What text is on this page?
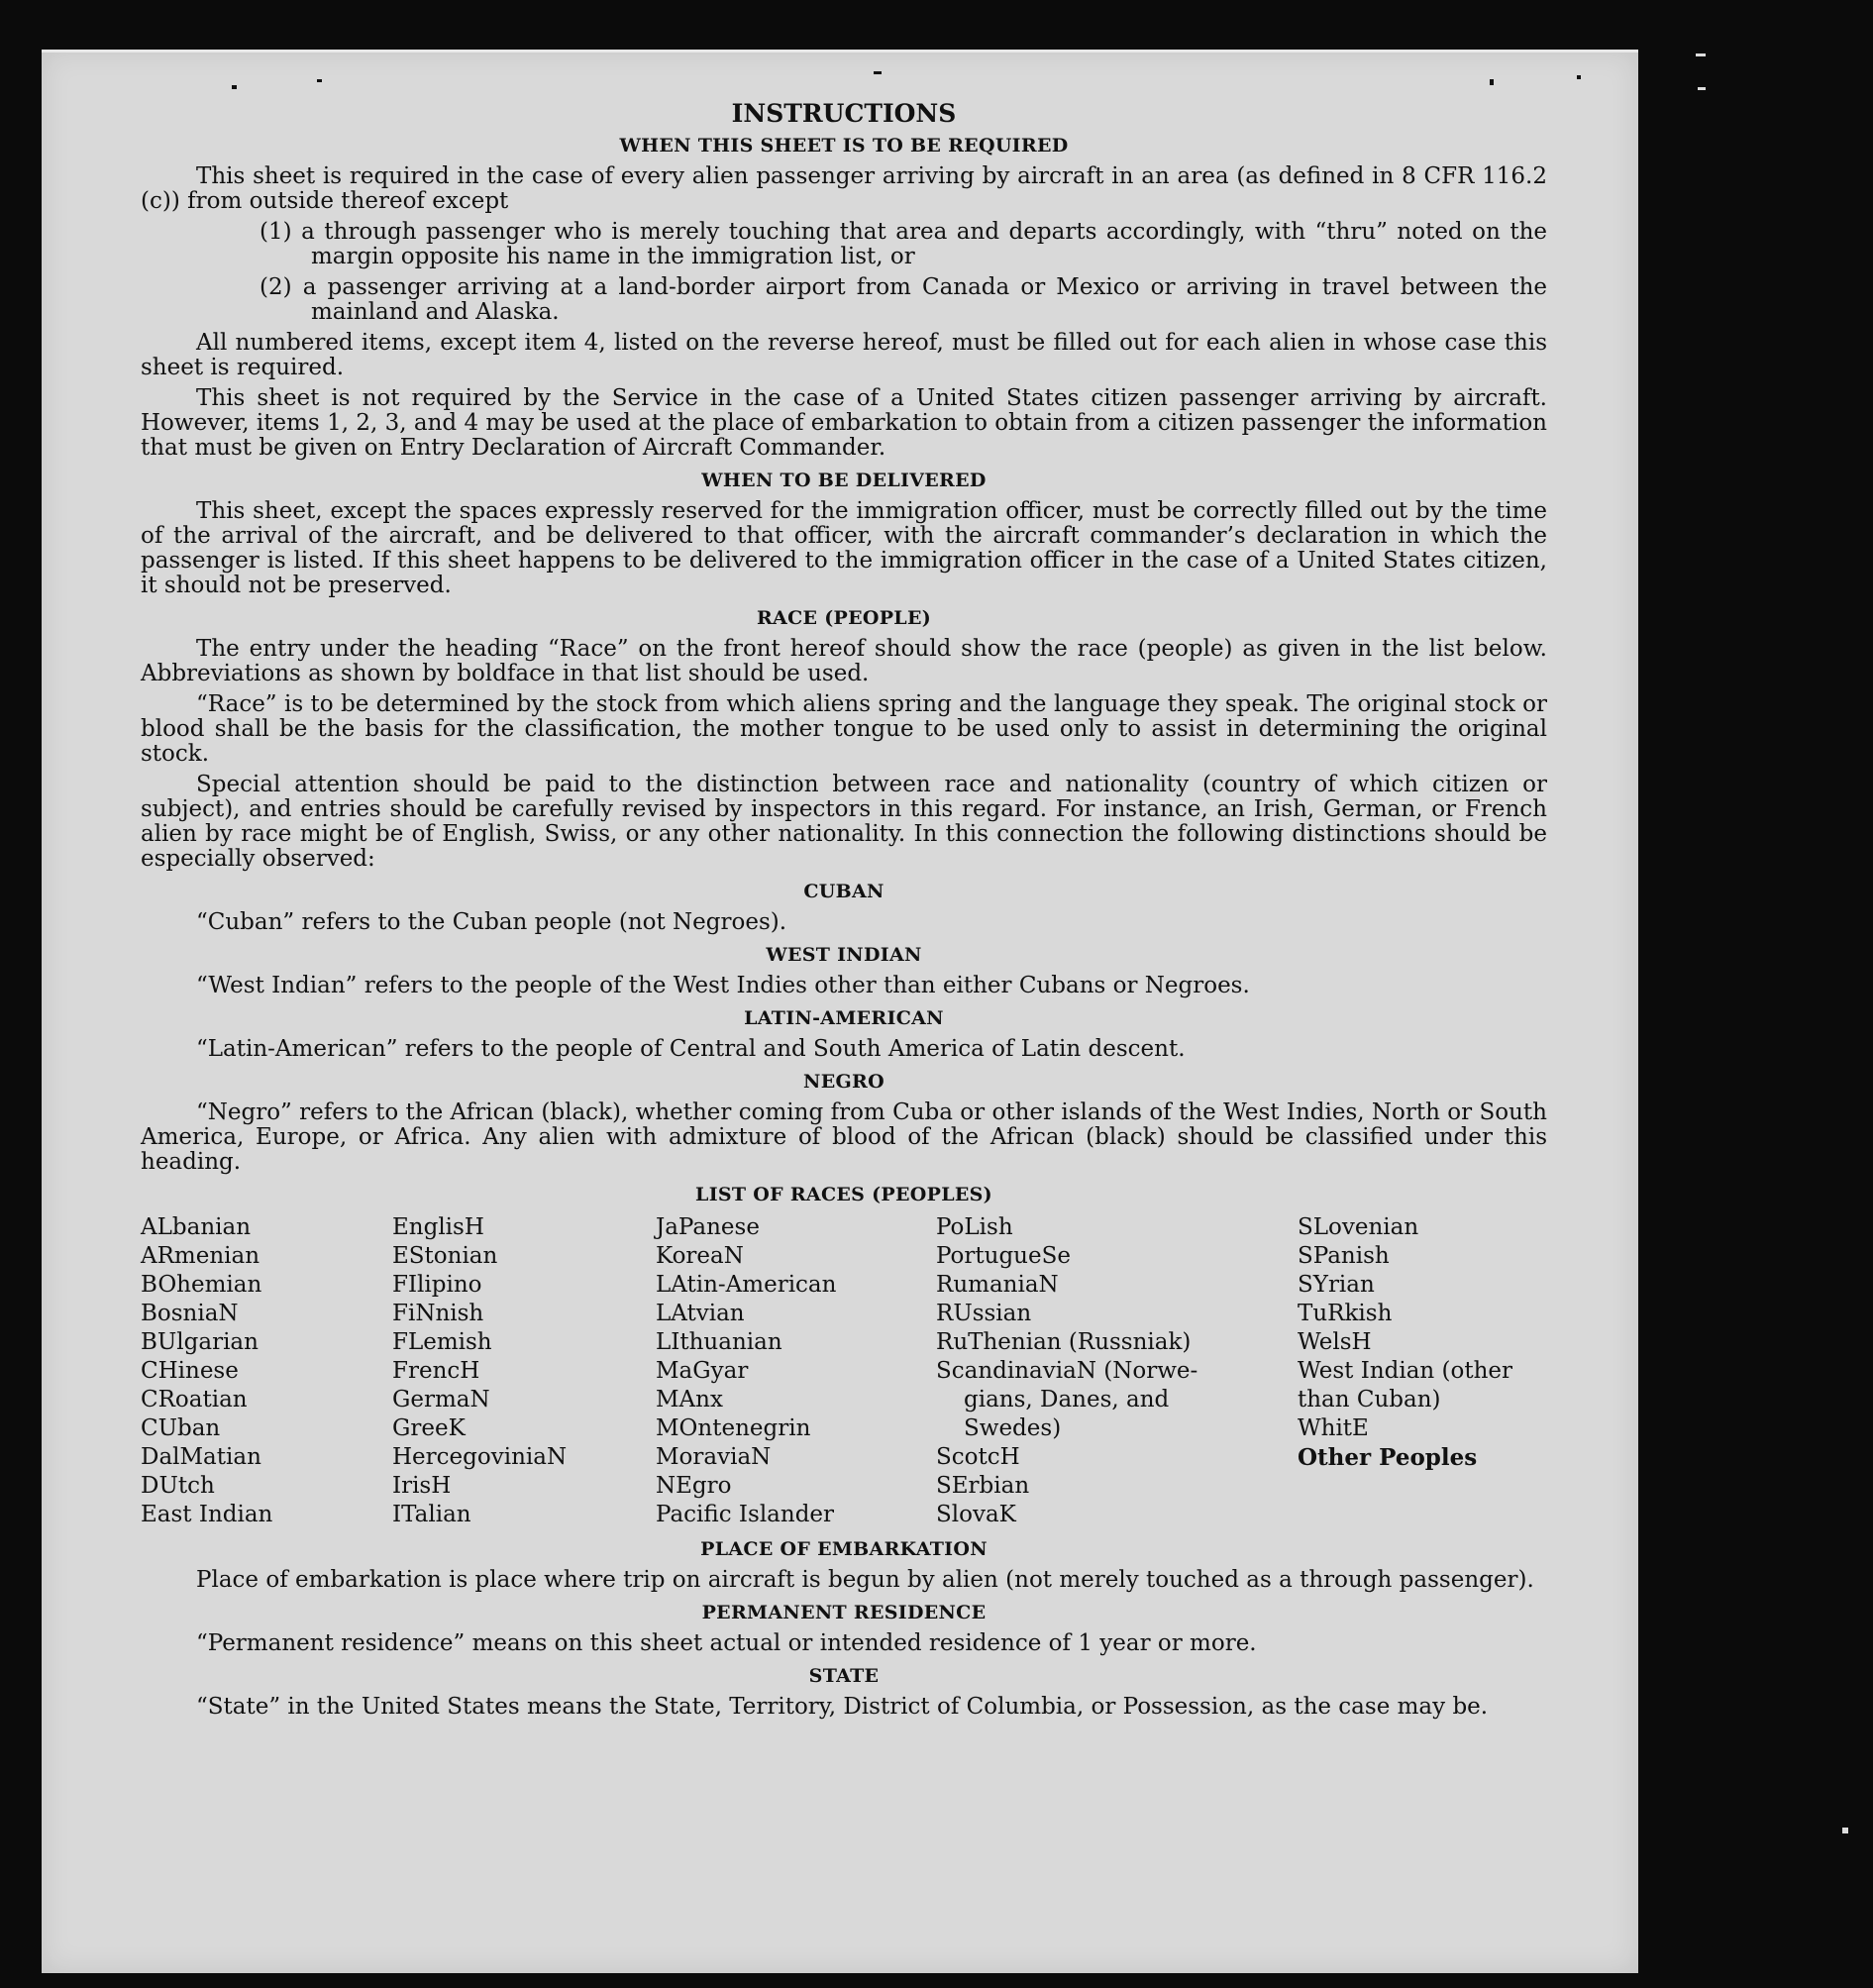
INSTRUCTIONS
WHEN THIS SHEET IS TO BE REQUIRED

This sheet is required in the case of every alien passenger arriving by aircraft in an area (as defined in 8 CFR 116.2 (c)) from outside thereof except

(1) a through passenger who is merely touching that area and departs accordingly, with “thru” noted on the margin opposite his name in the immigration list, or
(2) a passenger arriving at a land-border airport from Canada or Mexico or arriving in travel between the mainland and Alaska.

All numbered items, except item 4, listed on the reverse hereof, must be filled out for each alien in whose case this sheet is required.

This sheet is not required by the Service in the case of a United States citizen passenger arriving by aircraft. However, items 1, 2, 3, and 4 may be used at the place of embarkation to obtain from a citizen passenger the information that must be given on Entry Declaration of Aircraft Commander.

WHEN TO BE DELIVERED

This sheet, except the spaces expressly reserved for the immigration officer, must be correctly filled out by the time of the arrival of the aircraft, and be delivered to that officer, with the aircraft commander’s declaration in which the passenger is listed. If this sheet happens to be delivered to the immigration officer in the case of a United States citizen, it should not be preserved.

RACE (PEOPLE)

The entry under the heading “Race” on the front hereof should show the race (people) as given in the list below. Abbreviations as shown by boldface in that list should be used.

“Race” is to be determined by the stock from which aliens spring and the language they speak. The original stock or blood shall be the basis for the classification, the mother tongue to be used only to assist in determining the original stock.

Special attention should be paid to the distinction between race and nationality (country of which citizen or subject), and entries should be carefully revised by inspectors in this regard. For instance, an Irish, German, or French alien by race might be of English, Swiss, or any other nationality. In this connection the following distinctions should be especially observed:

CUBAN
“Cuban” refers to the Cuban people (not Negroes).
WEST INDIAN
“West Indian” refers to the people of the West Indies other than either Cubans or Negroes.
LATIN-AMERICAN
“Latin-American” refers to the people of Central and South America of Latin descent.
NEGRO

“Negro” refers to the African (black), whether coming from Cuba or other islands of the West Indies, North or South America, Europe, or Africa. Any alien with admixture of blood of the African (black) should be classified under this heading.

LIST OF RACES (PEOPLES)
ALbanian
ARmenian
BOhemian
BosniaN
BUlgarian
CHinese
CRoatian
CUban
DalMatian
DUtch
East Indian
EnglisH
EStonian
FIlipino
FiNnish
FLemish
FrencH
GermaN
GreeK
HercegoviniaN
IrisH
ITalian
JaPanese
KoreaN
LAtin-American
LAtvian
LIthuanian
MaGyar
MAnx
MOntenegrin
MoraviaN
NEgro
Pacific Islander
PoLish
PortugueSe
RumaniaN
RUssian
RuThenian (Russniak)
ScandinaviaN (Norwe-
gians, Danes, and
Swedes)
ScotcH
SErbian
SlovaK
SLovenian
SPanish
SYrian
TuRkish
WelsH
West Indian (other
than Cuban)
WhitE
Other Peoples
PLACE OF EMBARKATION

Place of embarkation is place where trip on aircraft is begun by alien (not merely touched as a through passenger).

PERMANENT RESIDENCE

“Permanent residence” means on this sheet actual or intended residence of 1 year or more.

STATE

“State” in the United States means the State, Territory, District of Columbia, or Possession, as the case may be.
